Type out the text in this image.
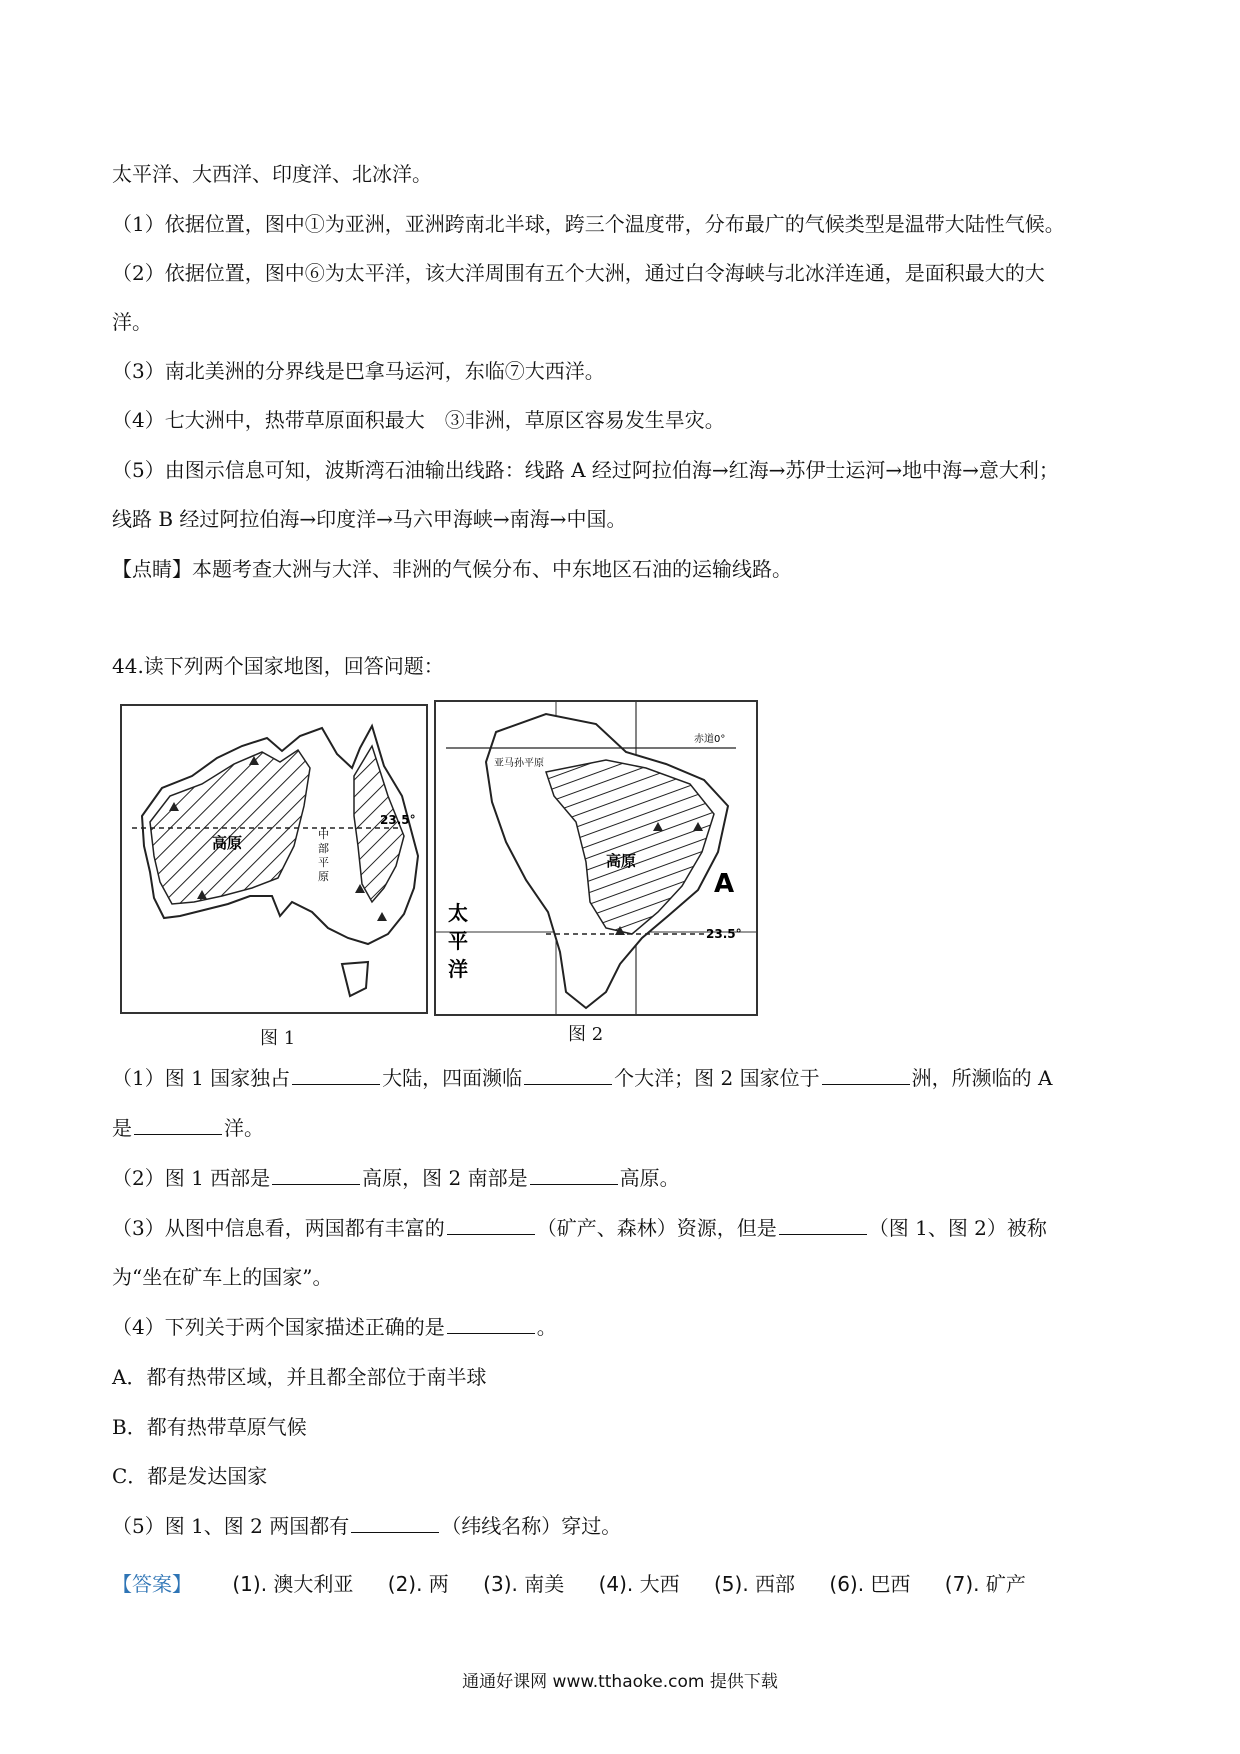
太平洋、大西洋、印度洋、北冰洋。
（1）依据位置，图中①为亚洲，亚洲跨南北半球，跨三个温度带，分布最广的气候类型是温带大陆性气候。
（2）依据位置，图中⑥为太平洋，该大洋周围有五个大洲，通过白令海峡与北冰洋连通，是面积最大的大
洋。
（3）南北美洲的分界线是巴拿马运河，东临⑦大西洋。
（4）七大洲中，热带草原面积最大　③非洲，草原区容易发生旱灾。
（5）由图示信息可知，波斯湾石油输出线路：线路 A 经过阿拉伯海→红海→苏伊士运河→地中海→意大利；
线路 B 经过阿拉伯海→印度洋→马六甲海峡→南海→中国。
【点睛】本题考查大洲与大洋、非洲的气候分布、中东地区石油的运输线路。
44.读下列两个国家地图，回答问题：
23.5°
高原	中
部
平
原
图 1
亚马孙平原
赤道0°
高原
A
23.5°
太
平
洋
图 2
（1）图 1 国家独占	大陆，四面濒临	个大洋；图 2 国家位于	洲，所濒临的 A
是	洋。
（2）图 1 西部是	高原，图 2 南部是	高原。
（3）从图中信息看，两国都有丰富的	（矿产、森林）资源，但是	（图 1、图 2）被称
为“坐在矿车上的国家”。
（4）下列关于两个国家描述正确的是	。
A．都有热带区域，并且都全部位于南半球
B．都有热带草原气候
C．都是发达国家
（5）图 1、图 2 两国都有	（纬线名称）穿过。
【答案】 (1). 澳大利亚 (2). 两 (3). 南美 (4). 大西 (5). 西部 (6). 巴西 (7). 矿产
通通好课网 www.tthaoke.com 提供下载
